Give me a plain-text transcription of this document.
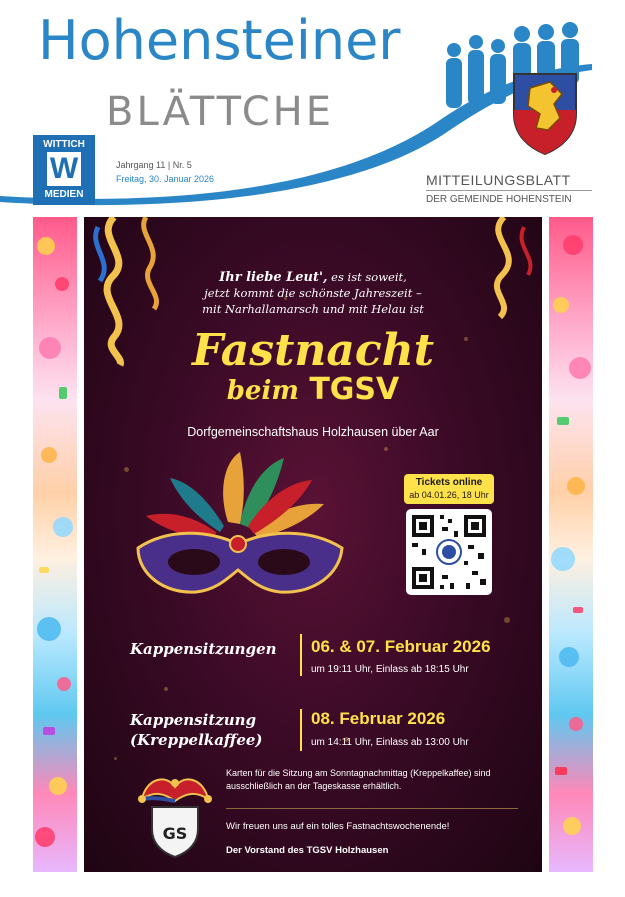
Hohensteiner
BLÄTTCHE
WITTICH
W
MEDIEN
Jahrgang 11 | Nr. 5
Freitag, 30. Januar 2026	MITTEILUNGSBLATT
DER GEMEINDE HOHENSTEIN
Ihr liebe Leut', es ist soweit,
jetzt kommt die schönste Jahreszeit –
mit Narhallamarsch und mit Helau ist
Fastnacht
beim TGSV
Dorfgemeinschaftshaus Holzhausen über Aar
Tickets online
ab 04.01.26, 18 Uhr
Kappensitzungen 06. & 07. Februar 2026
um 19:11 Uhr, Einlass ab 18:15 Uhr
Kappensitzung
(Kreppelkaffee)
08. Februar 2026
um 14:11 Uhr, Einlass ab 13:00 Uhr
GS
Karten für die Sitzung am Sonntagnachmittag (Kreppelkaffee) sind ausschließlich an der Tageskasse erhältlich.
Wir freuen uns auf ein tolles Fastnachtswochenende!
Der Vorstand des TGSV Holzhausen
